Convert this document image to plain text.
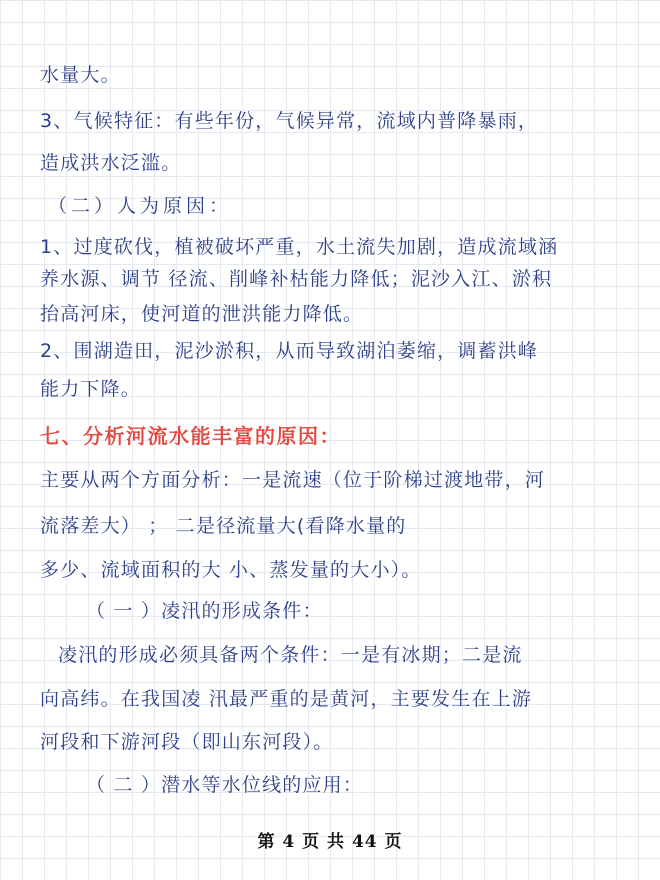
水量大。
3、气候特征：有些年份，气候异常，流域内普降暴雨，
造成洪水泛滥。
（二）人为原因：
1、过度砍伐，植被破坏严重，水土流失加剧，造成流域涵
养水源、调节 径流、削峰补枯能力降低；泥沙入江、淤积
抬高河床，使河道的泄洪能力降低。
2、围湖造田，泥沙淤积，从而导致湖泊萎缩，调蓄洪峰
能力下降。
七、分析河流水能丰富的原因：
主要从两个方面分析：一是流速（位于阶梯过渡地带，河
流落差大） ； 二是径流量大(看降水量的
多少、流域面积的大 小、蒸发量的大小）。
（ 一 ）凌汛的形成条件：
凌汛的形成必须具备两个条件：一是有冰期；二是流
向高纬。在我国凌 汛最严重的是黄河，主要发生在上游
河段和下游河段（即山东河段）。
（ 二 ）潜水等水位线的应用：
第 4 页 共 44 页
